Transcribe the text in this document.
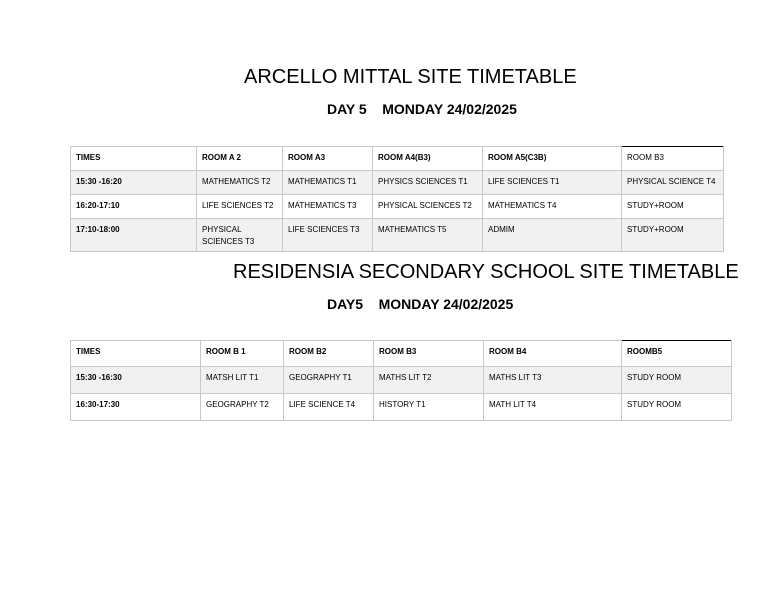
ARCELLO MITTAL SITE TIMETABLE
DAY 5    MONDAY 24/02/2025
TIMES	ROOM A 2	ROOM A3	ROOM A4(B3)	ROOM A5(C3B)	ROOM B3
15:30 -16:20	MATHEMATICS T2	MATHEMATICS T1	PHYSICS SCIENCES T1	LIFE SCIENCES T1	PHYSICAL SCIENCE T4
16:20-17:10	LIFE SCIENCES T2	MATHEMATICS T3	PHYSICAL SCIENCES T2	MATHEMATICS T4	STUDY+ROOM
17:10-18:00	PHYSICAL SCIENCES T3	LIFE SCIENCES T3	MATHEMATICS T5	ADMIM	STUDY+ROOM
RESIDENSIA SECONDARY SCHOOL SITE TIMETABLE
DAY5    MONDAY 24/02/2025
TIMES	ROOM B 1	ROOM B2	ROOM B3	ROOM B4	ROOMB5
15:30 -16:30	MATSH LIT T1	GEOGRAPHY T1	MATHS LIT T2	MATHS LIT T3	STUDY ROOM
16:30-17:30	GEOGRAPHY T2	LIFE SCIENCE T4	HISTORY T1	MATH LIT T4	STUDY ROOM
